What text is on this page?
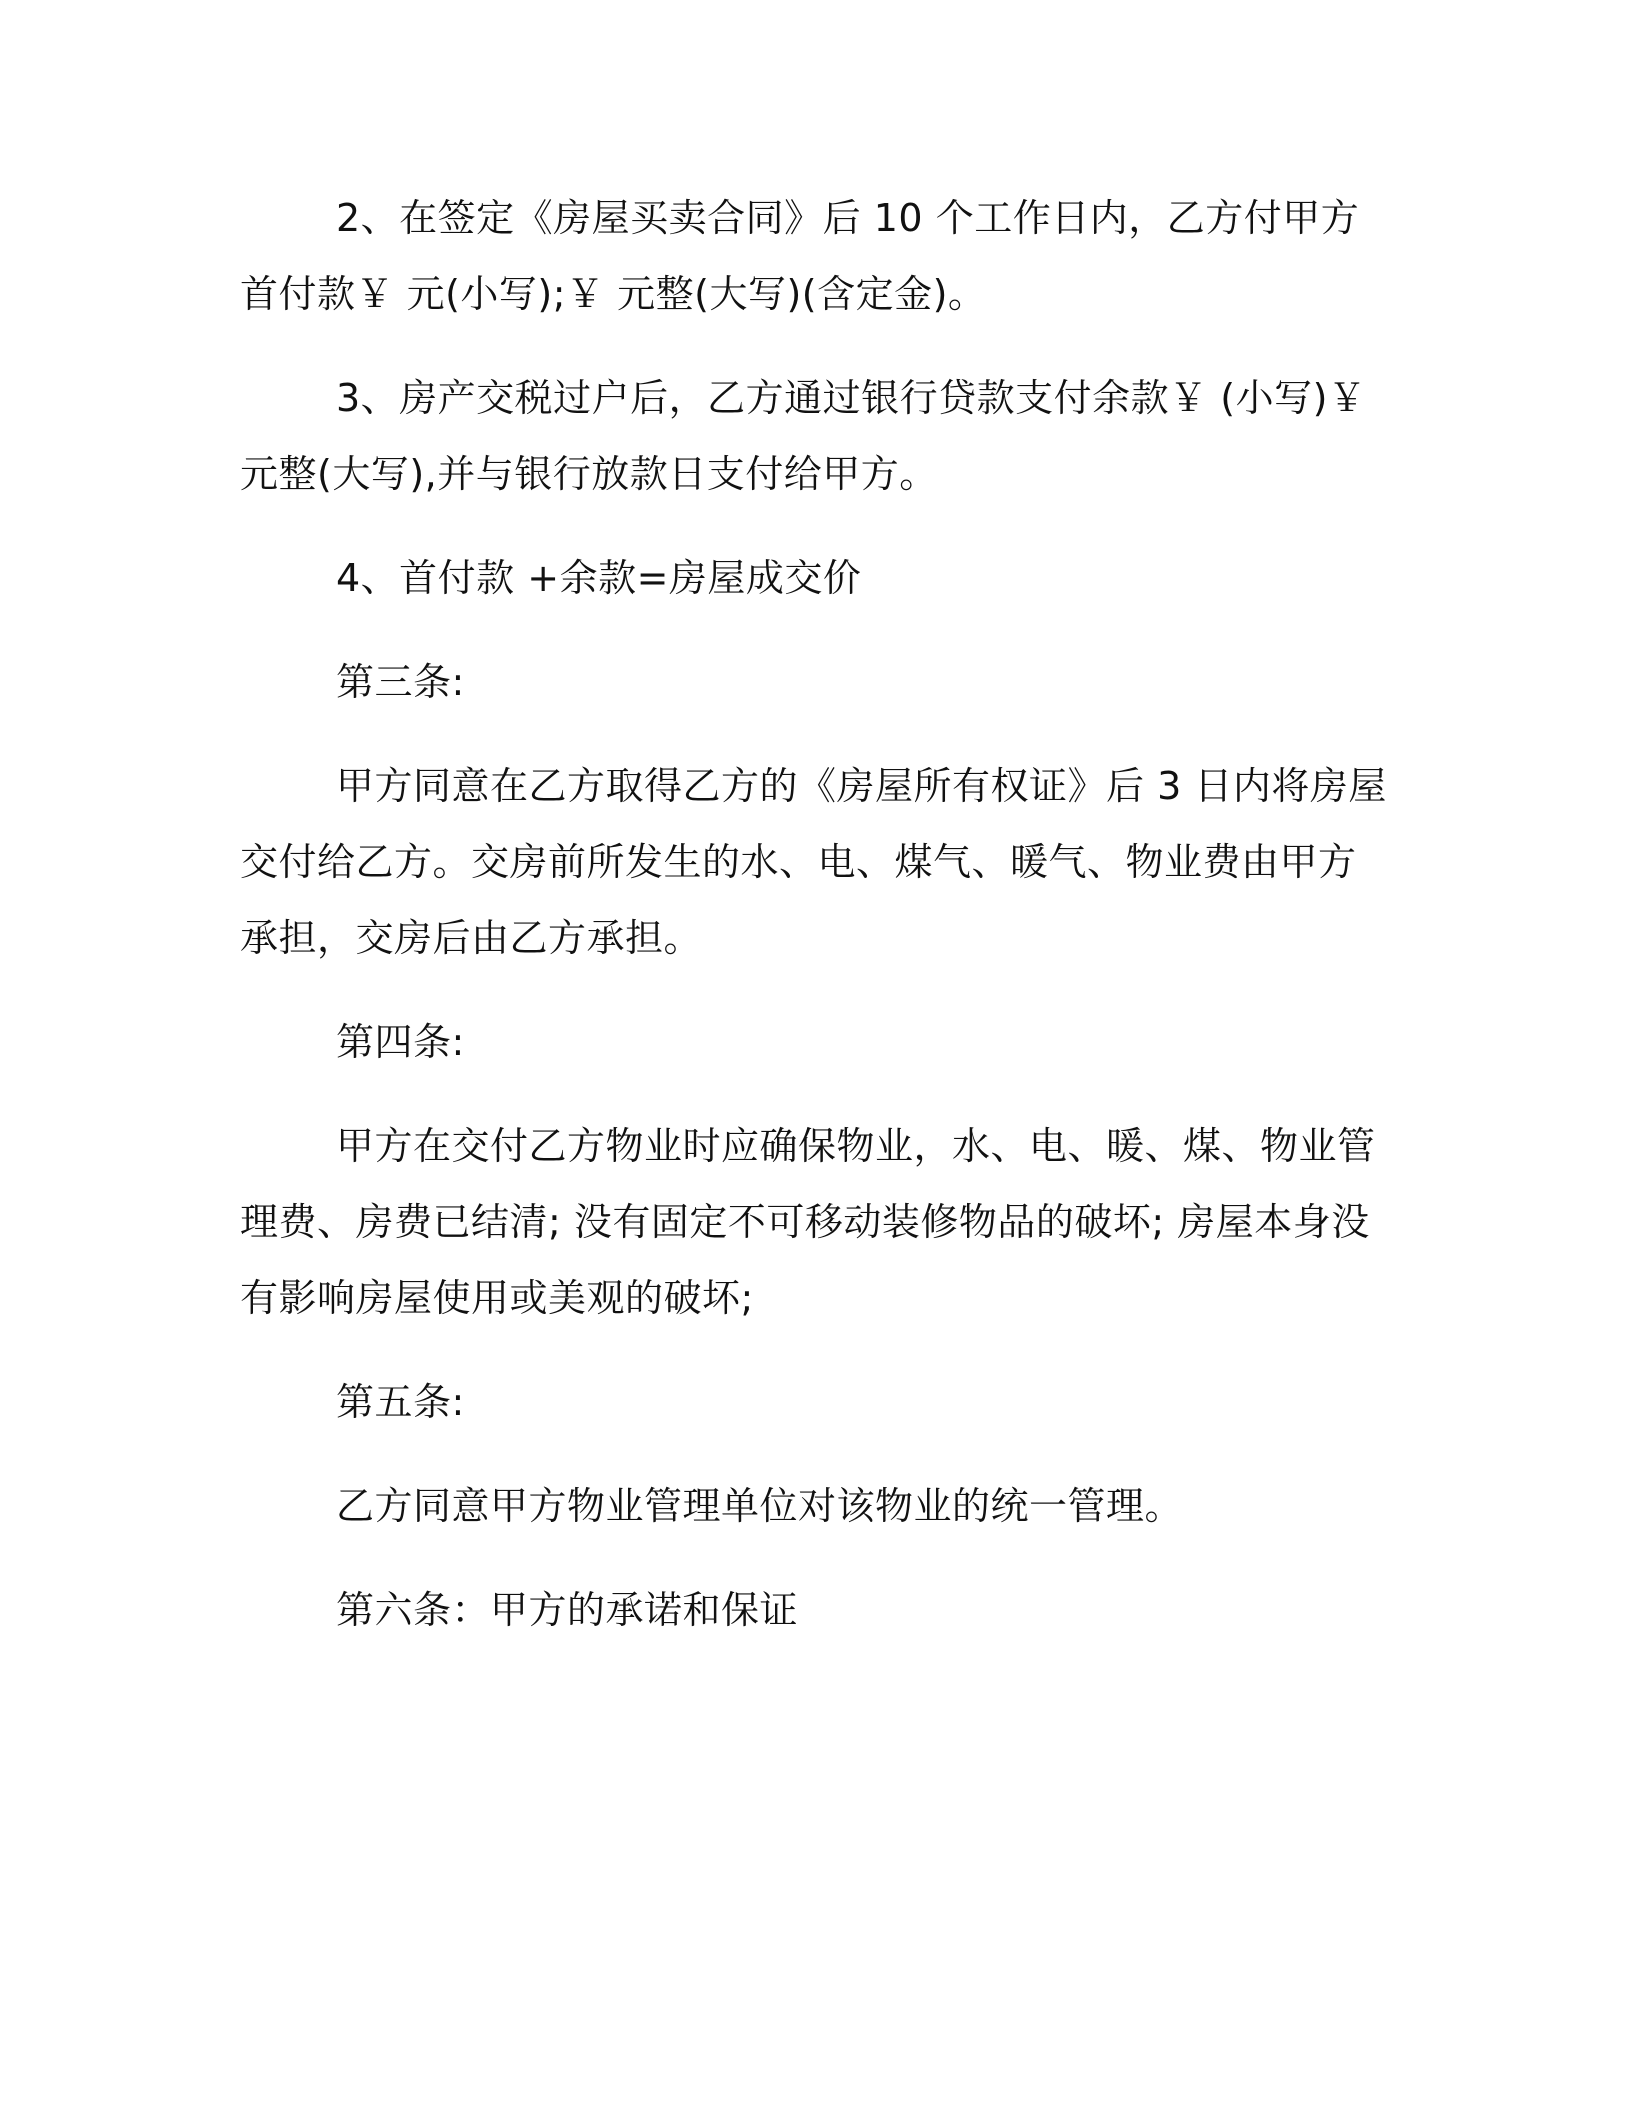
2、在签定《房屋买卖合同》后 10 个工作日内，乙方付甲方首付款￥ 元(小写);￥ 元整(大写)(含定金)。

3、房产交税过户后，乙方通过银行贷款支付余款￥ (小写)￥ 元整(大写),并与银行放款日支付给甲方。

4、首付款 +余款=房屋成交价

第三条:

甲方同意在乙方取得乙方的《房屋所有权证》后 3 日内将房屋交付给乙方。交房前所发生的水、电、煤气、暖气、物业费由甲方承担，交房后由乙方承担。

第四条:

甲方在交付乙方物业时应确保物业，水、电、暖、煤、物业管理费、房费已结清; 没有固定不可移动装修物品的破坏; 房屋本身没有影响房屋使用或美观的破坏;

第五条:

乙方同意甲方物业管理单位对该物业的统一管理。

第六条：甲方的承诺和保证
